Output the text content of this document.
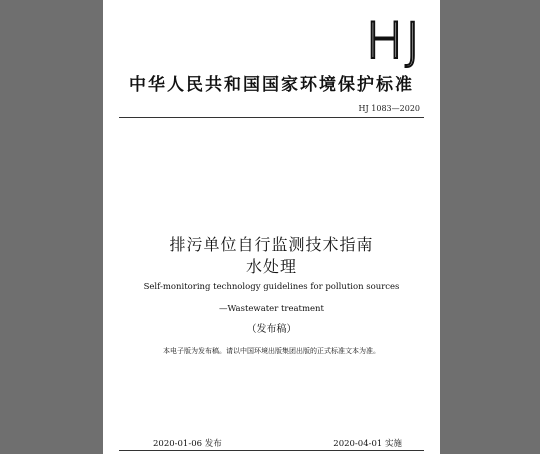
HJ
中华人民共和国国家环境保护标准
HJ 1083—2020
排污单位自行监测技术指南
水处理
Self-monitoring technology guidelines for pollution sources
—Wastewater treatment
（发布稿）
本电子版为发布稿。请以中国环境出版集团出版的正式标准文本为准。
2020-01-06 发布	2020-04-01 实施
